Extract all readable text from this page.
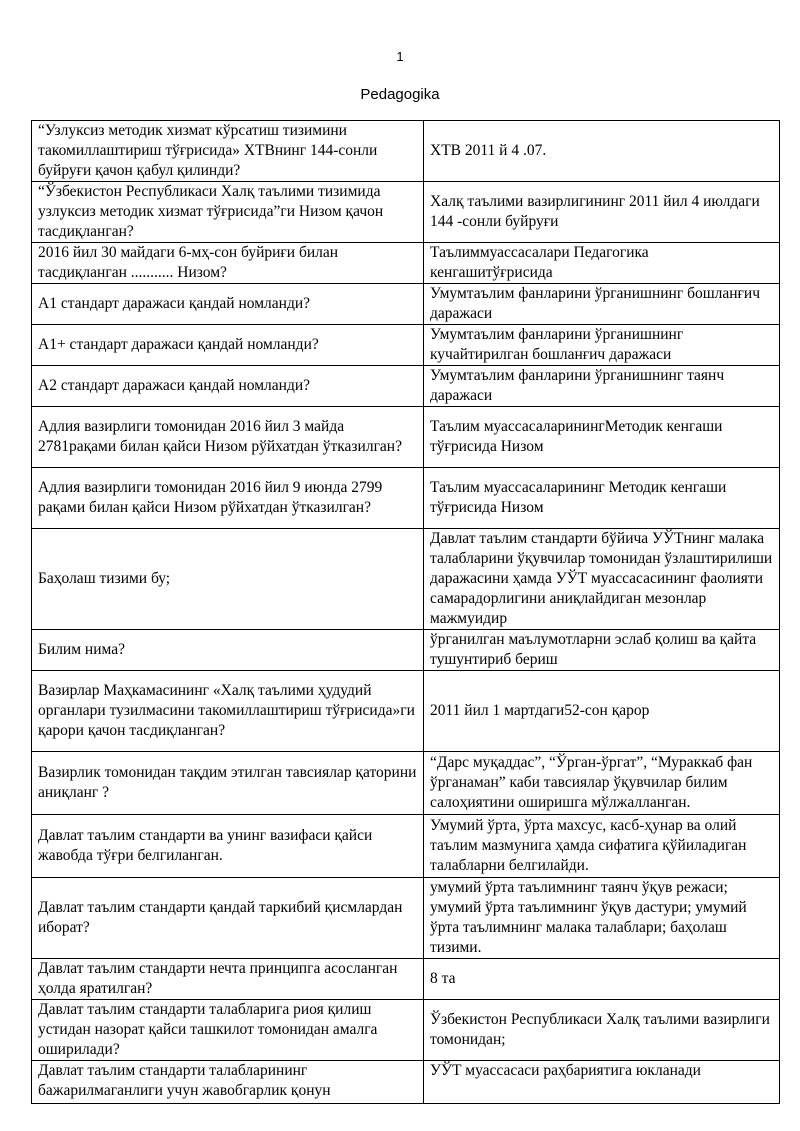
1
Pedagogika
“Узлуксиз методик хизмат кўрсатиш тизимини такомиллаштириш тўғрисида» ХТВнинг 144-сонли буйруғи қачон қабул қилинди?	ХТВ 2011 й 4 .07.
“Ўзбекистон Республикаси Халқ таълими тизимида узлуксиз методик хизмат тўғрисида”ги Низом қачон тасдиқланган?	Халқ таълими вазирлигининг 2011 йил 4 июлдаги 144 -сонли буйруғи
2016 йил 30 майдаги 6-мҳ-сон буйриғи билан тасдиқланган ........... Низом?	Таълиммуассасалари Педагогика кенгашитўғрисида
А1 стандарт даражаси қандай номланди?	Умумтаълим фанларини ўрганишнинг бошланғич даражаси
А1+ стандарт даражаси қандай номланди?	Умумтаълим фанларини ўрганишнинг кучайтирилган бошланғич даражаси
А2 стандарт даражаси қандай номланди?	Умумтаълим фанларини ўрганишнинг таянч даражаси
Адлия вазирлиги томонидан 2016 йил 3 майда 2781рақами билан қайси Низом рўйхатдан ўтказилган?	Таълим муассасаларинингМетодик кенгаши тўғрисида Низом
Адлия вазирлиги томонидан 2016 йил 9 июнда 2799 рақами билан қайси Низом рўйхатдан ўтказилган?	Таълим муассасаларининг Методик кенгаши тўғрисида Низом
Баҳолаш тизими бу;	Давлат таълим стандарти бўйича УЎТнинг малака талабларини ўқувчилар томонидан ўзлаштирилиши даражасини ҳамда УЎТ муассасасининг фаолияти самарадорлигини аниқлайдиган мезонлар мажмуидир
Билим нима?	ўрганилган маълумотларни эслаб қолиш ва қайта тушунтириб бериш
Вазирлар Маҳкамасининг «Халқ таълими ҳудудий органлари тузилмасини такомиллаштириш тўғрисида»ги қарори қачон тасдиқланган?	2011 йил 1 мартдаги52-сон қарор
Вазирлик томонидан тақдим этилган тавсиялар қаторини аниқланг ?	“Дарс муқаддас”, “Ўрган-ўргат”, “Мураккаб фан ўрганаман” каби тавсиялар ўқувчилар билим салоҳиятини оширишга мўлжалланган.
Давлат таълим стандарти ва унинг вазифаси қайси жавобда тўғри белгиланган.	Умумий ўрта, ўрта махсус, касб-ҳунар ва олий таълим мазмунига ҳамда сифатига қўйиладиган талабларни белгилайди.
Давлат таълим стандарти қандай таркибий қисмлардан иборат?	умумий ўрта таълимнинг таянч ўқув режаси; умумий ўрта таълимнинг ўқув дастури; умумий ўрта таълимнинг малака талаблари; баҳолаш тизими.
Давлат таълим стандарти нечта принципга асосланган ҳолда яратилган?	8 та
Давлат таълим стандарти талабларига риоя қилиш устидан назорат қайси ташкилот томонидан амалга оширилади?	Ўзбекистон Республикаси Халқ таълими вазирлиги томонидан;
Давлат таълим стандарти талабларининг бажарилмаганлиги учун жавобгарлик қонун	УЎТ муассасаси раҳбариятига юкланади
